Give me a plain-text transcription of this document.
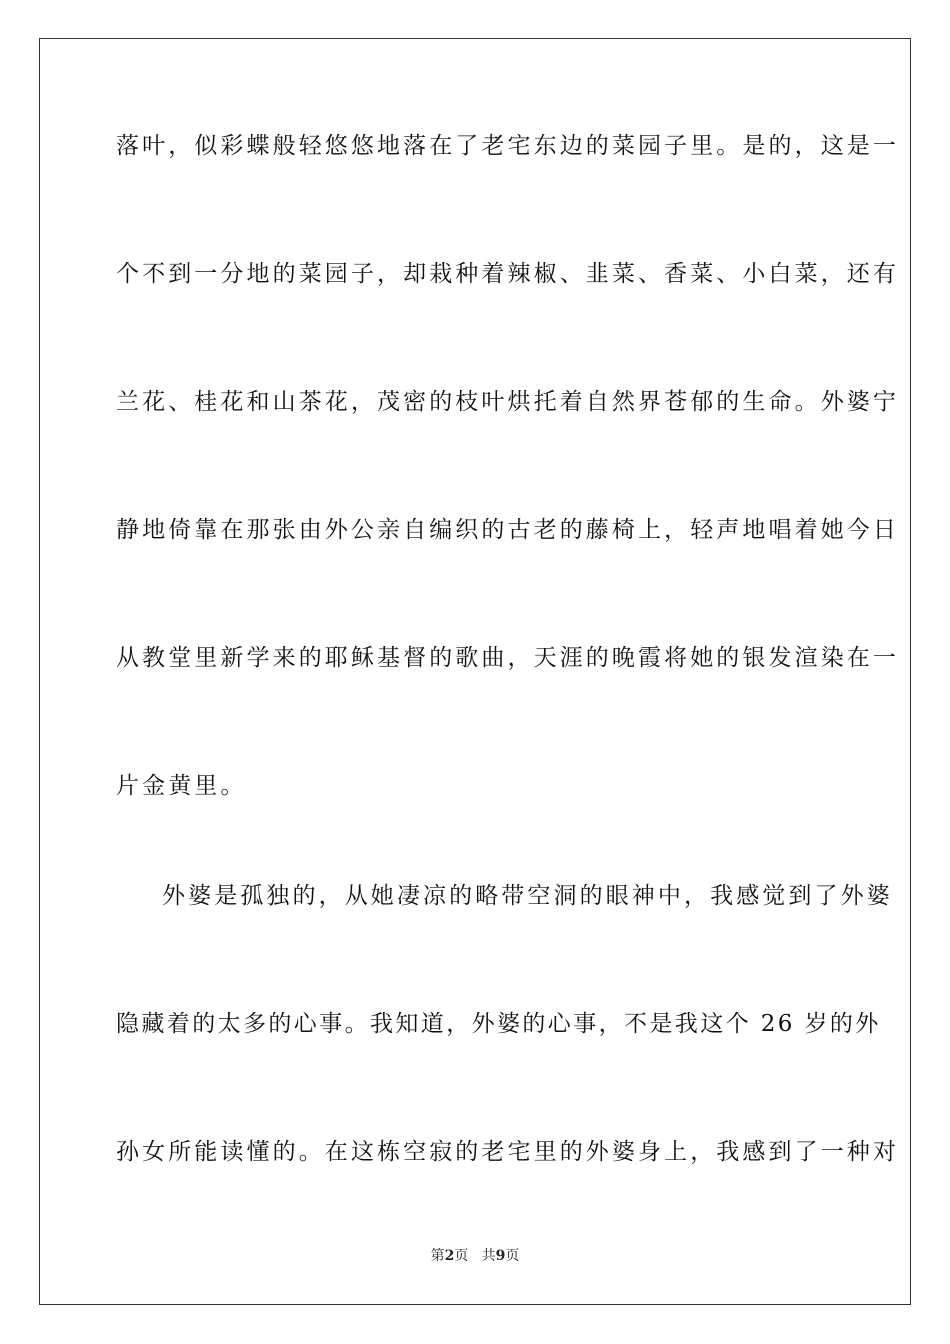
落叶，似彩蝶般轻悠悠地落在了老宅东边的菜园子里。是的，这是一
个不到一分地的菜园子，却栽种着辣椒、韭菜、香菜、小白菜，还有
兰花、桂花和山茶花，茂密的枝叶烘托着自然界苍郁的生命。外婆宁
静地倚靠在那张由外公亲自编织的古老的藤椅上，轻声地唱着她今日
从教堂里新学来的耶稣基督的歌曲，天涯的晚霞将她的银发渲染在一
片金黄里。
外婆是孤独的，从她凄凉的略带空洞的眼神中，我感觉到了外婆
隐藏着的太多的心事。我知道，外婆的心事，不是我这个 26 岁的外
孙女所能读懂的。在这栋空寂的老宅里的外婆身上，我感到了一种对
第2页 共9页
